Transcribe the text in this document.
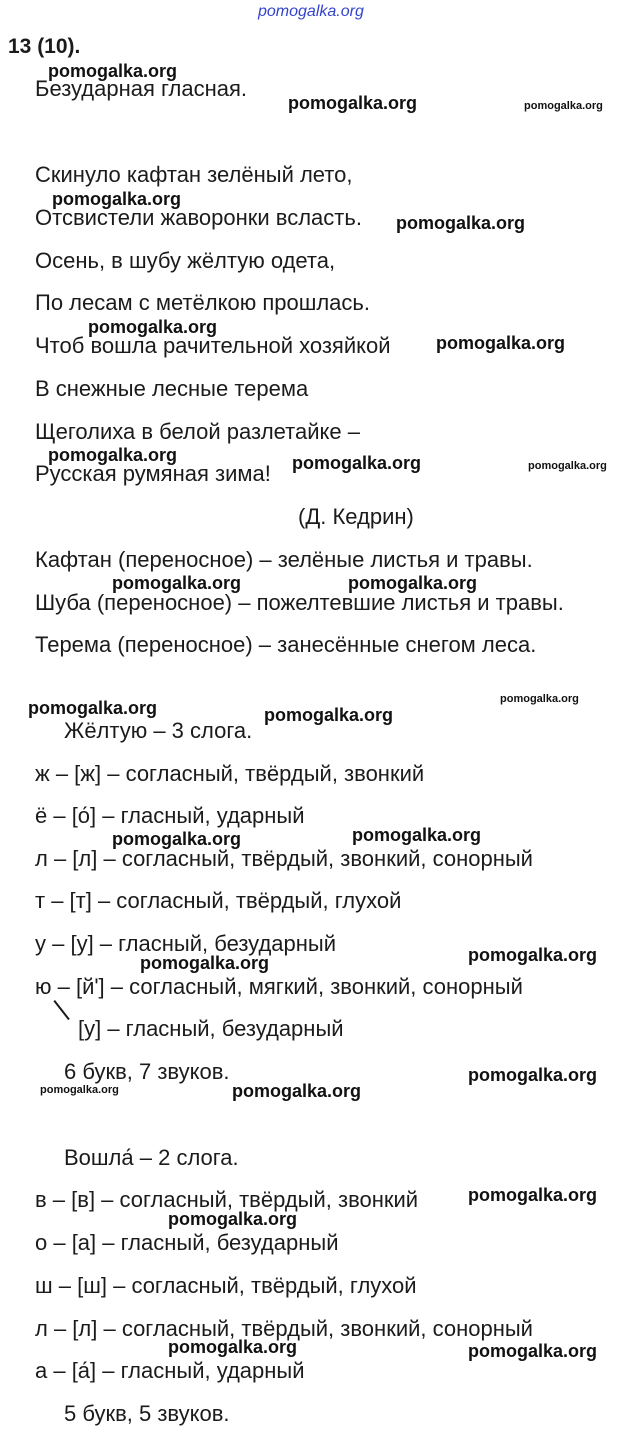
pomogalka.org
13 (10).
Безударная гласная.
Скинуло кафтан зелёный лето,
Отсвистели жаворонки всласть.
Осень, в шубу жёлтую одета,
По лесам с метёлкою прошлась.
Чтоб вошла рачительной хозяйкой
В снежные лесные терема
Щеголиха в белой разлетайке –
Русская румяная зима!
(Д. Кедрин)
Кафтан (переносное) – зелёные листья и травы.
Шуба (переносное) – пожелтевшие листья и травы.
Терема (переносное) – занесённые снегом леса.
Жёлтую – 3 слога.
ж – [ж] – согласный, твёрдый, звонкий
ё – [о́] – гласный, ударный
л – [л] – согласный, твёрдый, звонкий, сонорный
т – [т] – согласный, твёрдый, глухой
у – [у] – гласный, безударный
ю – [й'] – согласный, мягкий, звонкий, сонорный
[у] – гласный, безударный
6 букв, 7 звуков.
Вошла́ – 2 слога.
в – [в] – согласный, твёрдый, звонкий
о – [а] – гласный, безударный
ш – [ш] – согласный, твёрдый, глухой
л – [л] – согласный, твёрдый, звонкий, сонорный
а – [а́] – гласный, ударный
5 букв, 5 звуков.
pomogalka.org
pomogalka.org	pomogalka.org
pomogalka.org
pomogalka.org
pomogalka.org
pomogalka.org
pomogalka.org	pomogalka.org	pomogalka.org
pomogalka.org	pomogalka.org
pomogalka.org	pomogalka.org
pomogalka.org
pomogalka.org	pomogalka.org
pomogalka.org
pomogalka.org
pomogalka.org
pomogalka.org	pomogalka.org
pomogalka.org
pomogalka.org
pomogalka.org	pomogalka.org
